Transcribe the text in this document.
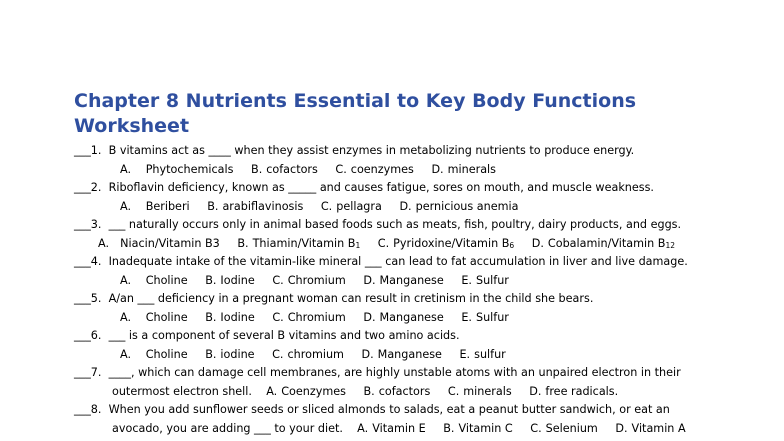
Chapter 8 Nutrients Essential to Key Body Functions
Worksheet
___1. B vitamins act as ____ when they assist enzymes in metabolizing nutrients to produce energy.
A. Phytochemicals B. cofactors C. coenzymes D. minerals
___2. Riboflavin deficiency, known as _____ and causes fatigue, sores on mouth, and muscle weakness.
A. Beriberi B. arabiflavinosis C. pellagra D. pernicious anemia
___3. ___ naturally occurs only in animal based foods such as meats, fish, poultry, dairy products, and eggs.
A. Niacin/Vitamin B3 B. Thiamin/Vitamin $B_1$ C. Pyridoxine/Vitamin $B_6$ D. Cobalamin/Vitamin $B_{12}$
___4. Inadequate intake of the vitamin-like mineral ___ can lead to fat accumulation in liver and live damage.
A. Choline B. Iodine C. Chromium D. Manganese E. Sulfur
___5. A/an ___ deficiency in a pregnant woman can result in cretinism in the child she bears.
A. Choline B. Iodine C. Chromium D. Manganese E. Sulfur
___6. ___ is a component of several B vitamins and two amino acids.
A. Choline B. iodine C. chromium D. Manganese E. sulfur
___7. ____, which can damage cell membranes, are highly unstable atoms with an unpaired electron in their
outermost electron shell. A. Coenzymes B. cofactors C. minerals D. free radicals.
___8. When you add sunflower seeds or sliced almonds to salads, eat a peanut butter sandwich, or eat an
avocado, you are adding ___ to your diet. A. Vitamin E B. Vitamin C C. Selenium D. Vitamin A
